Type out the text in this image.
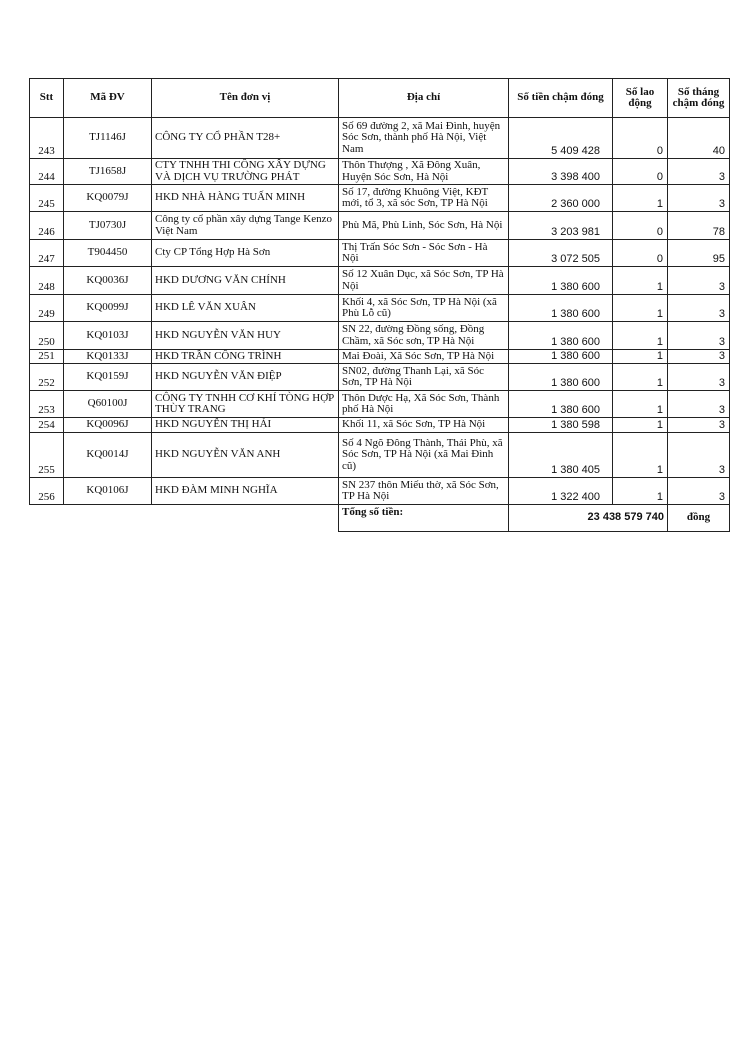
Stt	Mã ĐV	Tên đơn vị	Địa chỉ	Số tiền chậm đóng	Số lao động	Số tháng chậm đóng
243	TJ1146J	CÔNG TY CỔ PHẦN T28+	Số 69 đường 2, xã Mai Đình, huyện Sóc Sơn, thành phố Hà Nội, Việt Nam	5 409 428	0	40
244	TJ1658J	CTY TNHH THI CÔNG XÂY DỰNG VÀ DỊCH VỤ TRƯỜNG PHÁT	Thôn Thượng , Xã Đông Xuân, Huyện Sóc Sơn, Hà Nội	3 398 400	0	3
245	KQ0079J	HKD NHÀ HÀNG TUẤN MINH	Số 17, đường Khuông Việt, KĐT mới, tổ 3, xã sóc Sơn, TP Hà Nội	2 360 000	1	3
246	TJ0730J	Công ty cổ phần xây dựng Tange Kenzo Việt Nam	Phù Mã, Phù Linh, Sóc Sơn, Hà Nội	3 203 981	0	78
247	T904450	Cty CP Tổng Hợp Hà Sơn	Thị Trấn Sóc Sơn - Sóc Sơn - Hà Nội	3 072 505	0	95
248	KQ0036J	HKD DƯƠNG VĂN CHÍNH	Số 12 Xuân Dục, xã Sóc Sơn, TP Hà Nội	1 380 600	1	3
249	KQ0099J	HKD LÊ VĂN XUÂN	Khối 4, xã Sóc Sơn, TP Hà Nội (xã Phù Lỗ cũ)	1 380 600	1	3
250	KQ0103J	HKD NGUYỄN VĂN HUY	SN 22, đường Đồng sống, Đồng Chầm, xã Sóc sơn, TP Hà Nội	1 380 600	1	3
251	KQ0133J	HKD TRẦN CÔNG TRÌNH	Mai Đoài, Xã Sóc Sơn, TP Hà Nội	1 380 600	1	3
252	KQ0159J	HKD NGUYỄN VĂN ĐIỆP	SN02, đường Thanh Lại, xã Sóc Sơn, TP Hà Nội	1 380 600	1	3
253	Q60100J	CÔNG TY TNHH CƠ KHÍ TÒNG HỢP THÙY TRANG	Thôn Dược Hạ, Xã Sóc Sơn, Thành phố Hà Nội	1 380 600	1	3
254	KQ0096J	HKD NGUYỄN THỊ HẢI	Khối 11, xã Sóc Sơn, TP Hà Nội	1 380 598	1	3
255	KQ0014J	HKD NGUYỄN VĂN ANH	Số 4 Ngõ Đông Thành, Thái Phù, xã Sóc Sơn, TP Hà Nội (xã Mai Đình cũ)	1 380 405	1	3
256	KQ0106J	HKD ĐÀM MINH NGHĨA	SN 237 thôn Miếu thờ, xã Sóc Sơn, TP Hà Nội	1 322 400	1	3
			Tổng số tiền:	23 438 579 740		đồng
